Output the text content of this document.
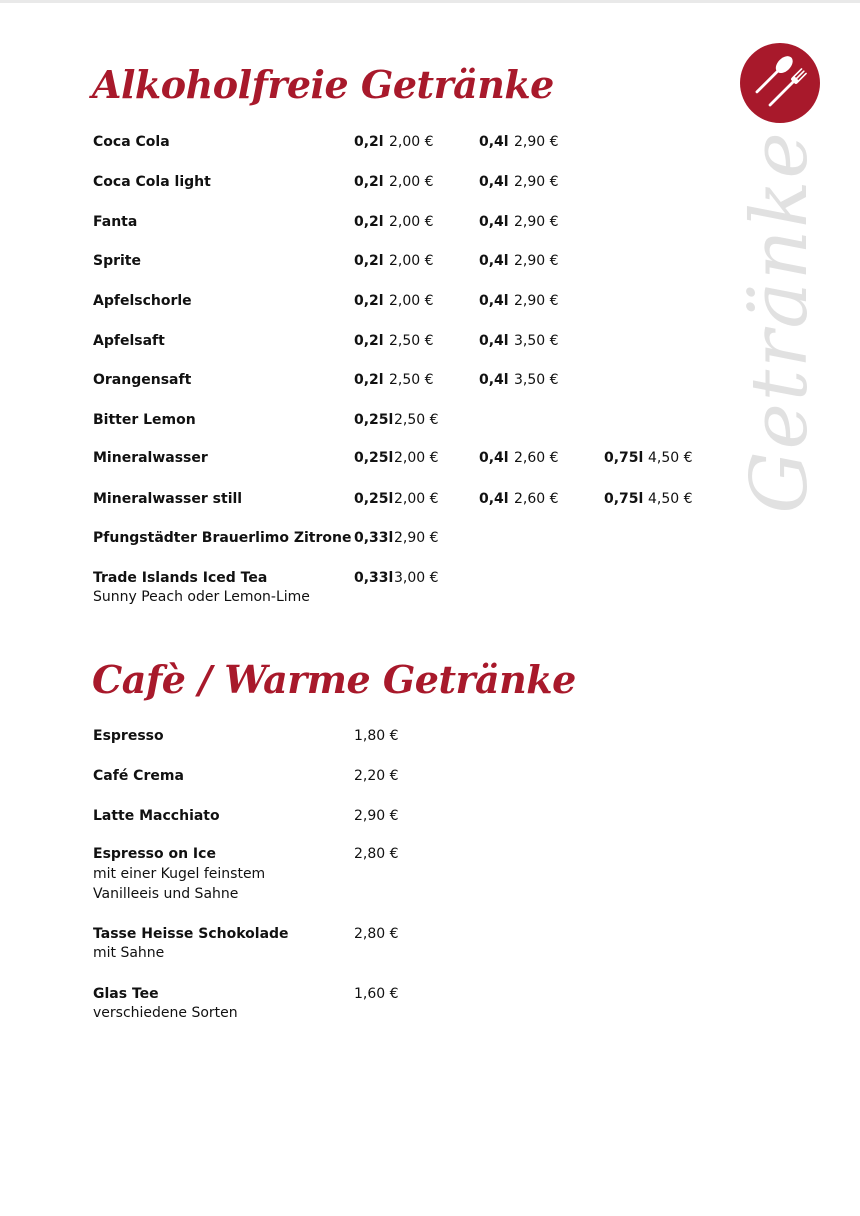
Getränke
Alkoholfreie Getränke
Coca Cola	0,2l 2,00 €	0,4l 2,90 €
Coca Cola light	0,2l 2,00 €	0,4l 2,90 €
Fanta	0,2l 2,00 €	0,4l 2,90 €
Sprite	0,2l 2,00 €	0,4l 2,90 €
Apfelschorle	0,2l 2,00 €	0,4l 2,90 €
Apfelsaft	0,2l 2,50 €	0,4l 3,50 €
Orangensaft	0,2l 2,50 €	0,4l 3,50 €
Bitter Lemon	0,25l 2,50 €
Mineralwasser	0,25l 2,00 €	0,4l 2,60 €	0,75l 4,50 €
Mineralwasser still	0,25l 2,00 €	0,4l 2,60 €	0,75l 4,50 €
Pfungstädter Brauerlimo Zitrone 0,33l 2,90 €
Trade Islands Iced Tea	0,33l 3,00 €
Sunny Peach oder Lemon-Lime
Cafè / Warme Getränke
Espresso	1,80 €
Café Crema	2,20 €
Latte Macchiato	2,90 €
Espresso on Ice	2,80 €
mit einer Kugel feinstem
Vanilleeis und Sahne
Tasse Heisse Schokolade	2,80 €
mit Sahne
Glas Tee	1,60 €
verschiedene Sorten
